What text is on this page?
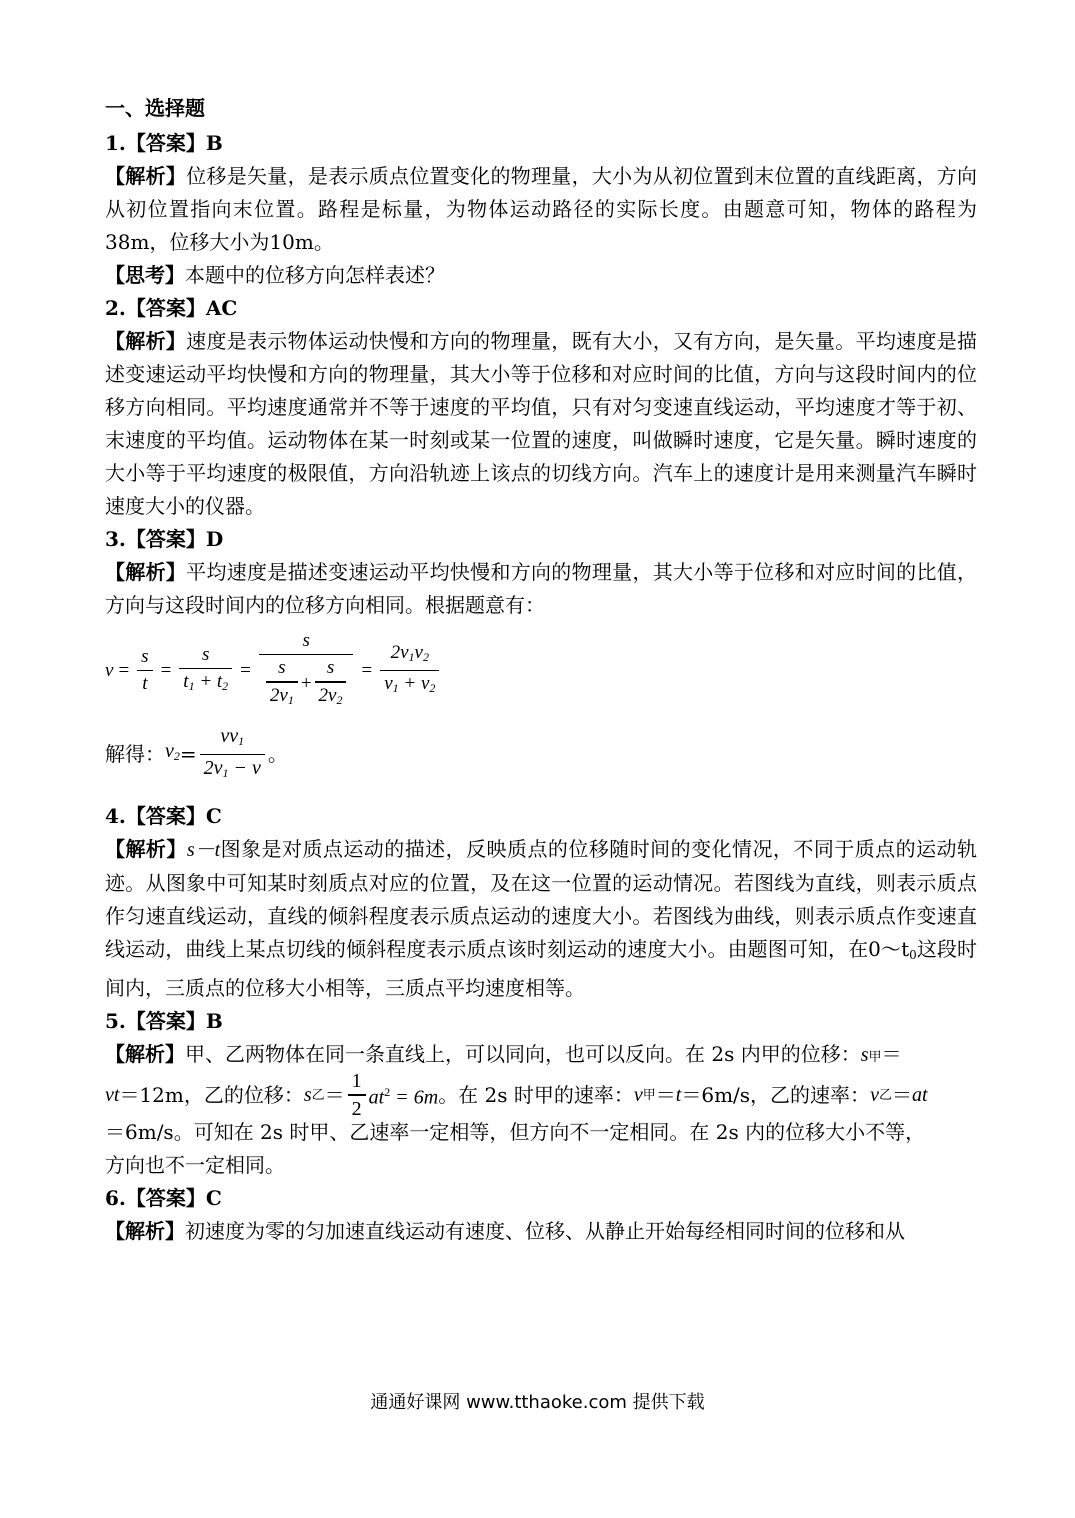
一、选择题
1.【答案】B
【解析】位移是矢量，是表示质点位置变化的物理量，大小为从初位置到末位置的直线距离，方向从初位置指向末位置。路程是标量，为物体运动路径的实际长度。由题意可知，物体的路程为38m，位移大小为10m。
【思考】本题中的位移方向怎样表述？
2.【答案】AC
【解析】速度是表示物体运动快慢和方向的物理量，既有大小，又有方向，是矢量。平均速度是描述变速运动平均快慢和方向的物理量，其大小等于位移和对应时间的比值，方向与这段时间内的位移方向相同。平均速度通常并不等于速度的平均值，只有对匀变速直线运动，平均速度才等于初、末速度的平均值。运动物体在某一时刻或某一位置的速度，叫做瞬时速度，它是矢量。瞬时速度的大小等于平均速度的极限值，方向沿轨迹上该点的切线方向。汽车上的速度计是用来测量汽车瞬时速度大小的仪器。
3.【答案】D
【解析】平均速度是描述变速运动平均快慢和方向的物理量，其大小等于位移和对应时间的比值，方向与这段时间内的位移方向相同。根据题意有：
$v = \frac{s}{t} = \frac{s}{t_1 + t_2} = \frac{s}{\frac{s}{2v_1} + \frac{s}{2v_2}} = \frac{2v_1v_2}{v_1 + v_2}$
解得： $v_2 = \frac{vv_1}{2v_1 - v}$ 。
4.【答案】C
【解析】s－t图象是对质点运动的描述，反映质点的位移随时间的变化情况，不同于质点的运动轨迹。从图象中可知某时刻质点对应的位置，及在这一位置的运动情况。若图线为直线，则表示质点作匀速直线运动，直线的倾斜程度表示质点运动的速度大小。若图线为曲线，则表示质点作变速直线运动，曲线上某点切线的倾斜程度表示质点该时刻运动的速度大小。由题图可知，在$0\sim t_0$这段时间内，三质点的位移大小相等，三质点平均速度相等。
5.【答案】B
【解析】甲、乙两物体在同一条直线上，可以同向，也可以反向。在 2s 内甲的位移：s甲＝
vt ＝12m，乙的位移： s 乙 ＝ $\frac{1}{2} at^2 = 6m$ 。在 2s 时甲的速率： v 甲 ＝ t ＝6m/s，乙的速率： v 乙 ＝ at
＝6m/s。可知在 2s 时甲、乙速率一定相等，但方向不一定相同。在 2s 内的位移大小不等，
方向也不一定相同。
6.【答案】C
【解析】初速度为零的匀加速直线运动有速度、位移、从静止开始每经相同时间的位移和从
通通好课网 www.tthaoke.com 提供下载
